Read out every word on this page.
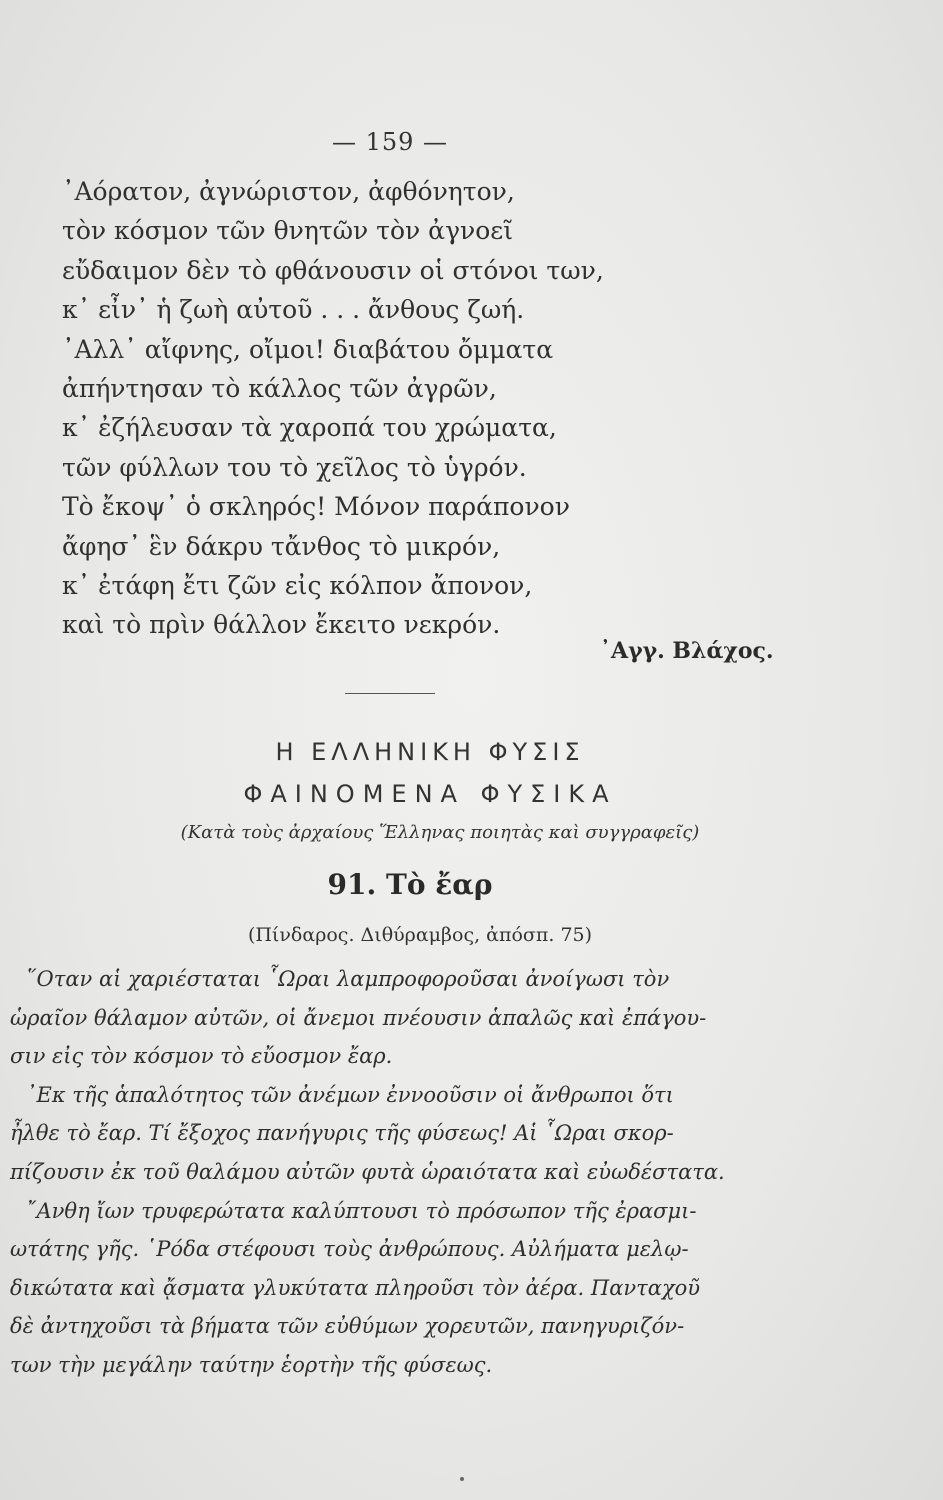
— 159 —
᾿Αόρατον, ἀγνώριστον, ἀφθόνητον,
τὸν κόσμον τῶν θνητῶν τὸν ἀγνοεῖ
εὔδαιμον δὲν τὸ φθάνουσιν οἱ στόνοι των,
κ᾿ εἶν᾿ ἡ ζωὴ αὐτοῦ . . . ἄνθους ζωή.
᾿Αλλ᾿ αἴφνης, οἴμοι! διαβάτου ὄμματα
ἀπήντησαν τὸ κάλλος τῶν ἀγρῶν,
κ᾿ ἐζήλευσαν τὰ χαροπά του χρώματα,
τῶν φύλλων του τὸ χεῖλος τὸ ὑγρόν.
Τὸ ἔκοψ᾿ ὁ σκληρός! Μόνον παράπονον
ἄφησ᾿ ἓν δάκρυ τἄνθος τὸ μικρόν,
κ᾿ ἐτάφη ἔτι ζῶν εἰς κόλπον ἄπονον,
καὶ τὸ πρὶν θάλλον ἔκειτο νεκρόν.
᾿Αγγ. Βλάχος.
Η ΕΛΛΗΝΙΚΗ ΦΥΣΙΣ
ΦΑΙΝΟΜΕΝΑ ΦΥΣΙΚΑ
(Κατὰ τοὺς ἀρχαίους Ἕλληνας ποιητὰς καὶ συγγραφεῖς)
91. Τὸ ἔαρ
(Πίνδαρος. Διθύραμβος, ἀπόσπ. 75)
῞Οταν αἱ χαριέσταται ῟Ωραι λαμπροφοροῦσαι ἀνοίγωσι τὸν
ὡραῖον θάλαμον αὐτῶν, οἱ ἄνεμοι πνέουσιν ἁπαλῶς καὶ ἐπάγου-
σιν εἰς τὸν κόσμον τὸ εὔοσμον ἔαρ.
᾿Εκ τῆς ἁπαλότητος τῶν ἀνέμων ἐννοοῦσιν οἱ ἄνθρωποι ὅτι
ἦλθε τὸ ἔαρ. Τί ἔξοχος πανήγυρις τῆς φύσεως! Αἱ ῟Ωραι σκορ-
πίζουσιν ἐκ τοῦ θαλάμου αὐτῶν φυτὰ ὡραιότατα καὶ εὐωδέστατα.
῎Ανθη ἴων τρυφερώτατα καλύπτουσι τὸ πρόσωπον τῆς ἐρασμι-
ωτάτης γῆς. ῾Ρόδα στέφουσι τοὺς ἀνθρώπους. Αὐλήματα μελῳ-
δικώτατα καὶ ᾄσματα γλυκύτατα πληροῦσι τὸν ἀέρα. Πανταχοῦ
δὲ ἀντηχοῦσι τὰ βήματα τῶν εὐθύμων χορευτῶν, πανηγυριζόν-
των τὴν μεγάλην ταύτην ἑορτὴν τῆς φύσεως.
